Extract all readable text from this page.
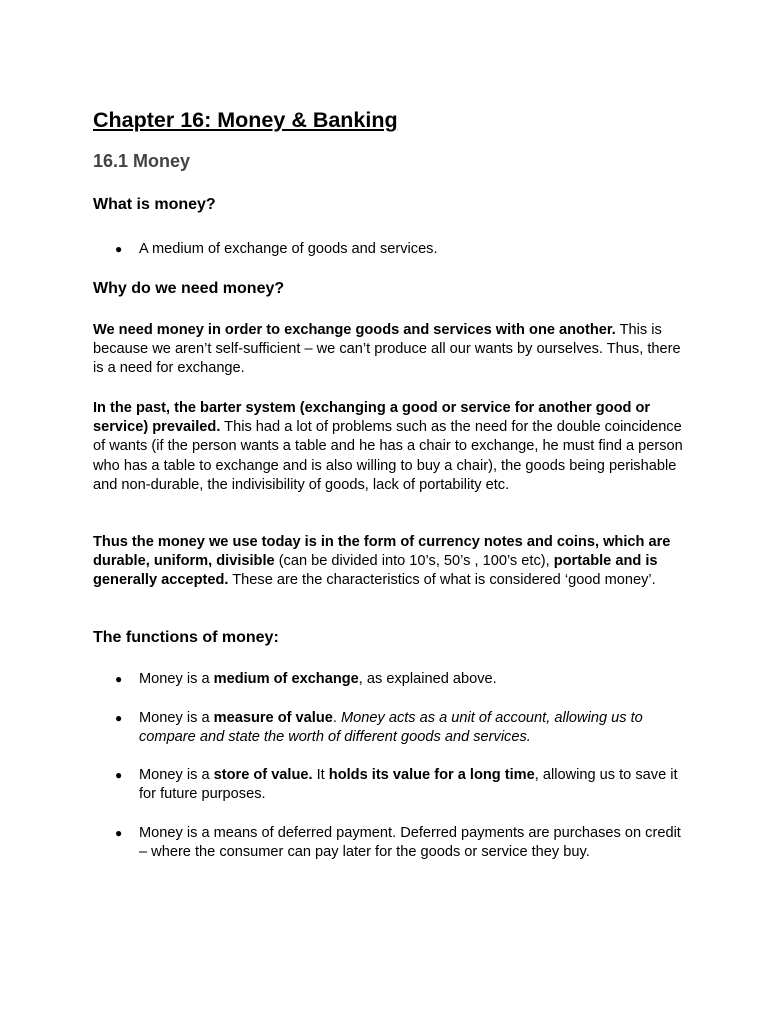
Chapter 16: Money & Banking
16.1 Money
What is money?
● A medium of exchange of goods and services.
Why do we need money?

We need money in order to exchange goods and services with one another. This is because we aren’t self-sufficient – we can’t produce all our wants by ourselves. Thus, there is a need for exchange.

In the past, the barter system (exchanging a good or service for another good or service) prevailed. This had a lot of problems such as the need for the double coincidence of wants (if the person wants a table and he has a chair to exchange, he must find a person who has a table to exchange and is also willing to buy a chair), the goods being perishable and non-durable, the indivisibility of goods, lack of portability etc.

Thus the money we use today is in the form of currency notes and coins, which are durable, uniform, divisible (can be divided into 10’s, 50’s , 100’s etc), portable and is generally accepted. These are the characteristics of what is considered ‘good money’.

The functions of money:
● Money is a medium of exchange, as explained above.
● Money is a measure of value. Money acts as a unit of account, allowing us to compare and state the worth of different goods and services.
● Money is a store of value. It holds its value for a long time, allowing us to save it for future purposes.
● Money is a means of deferred payment. Deferred payments are purchases on credit – where the consumer can pay later for the goods or service they buy.
